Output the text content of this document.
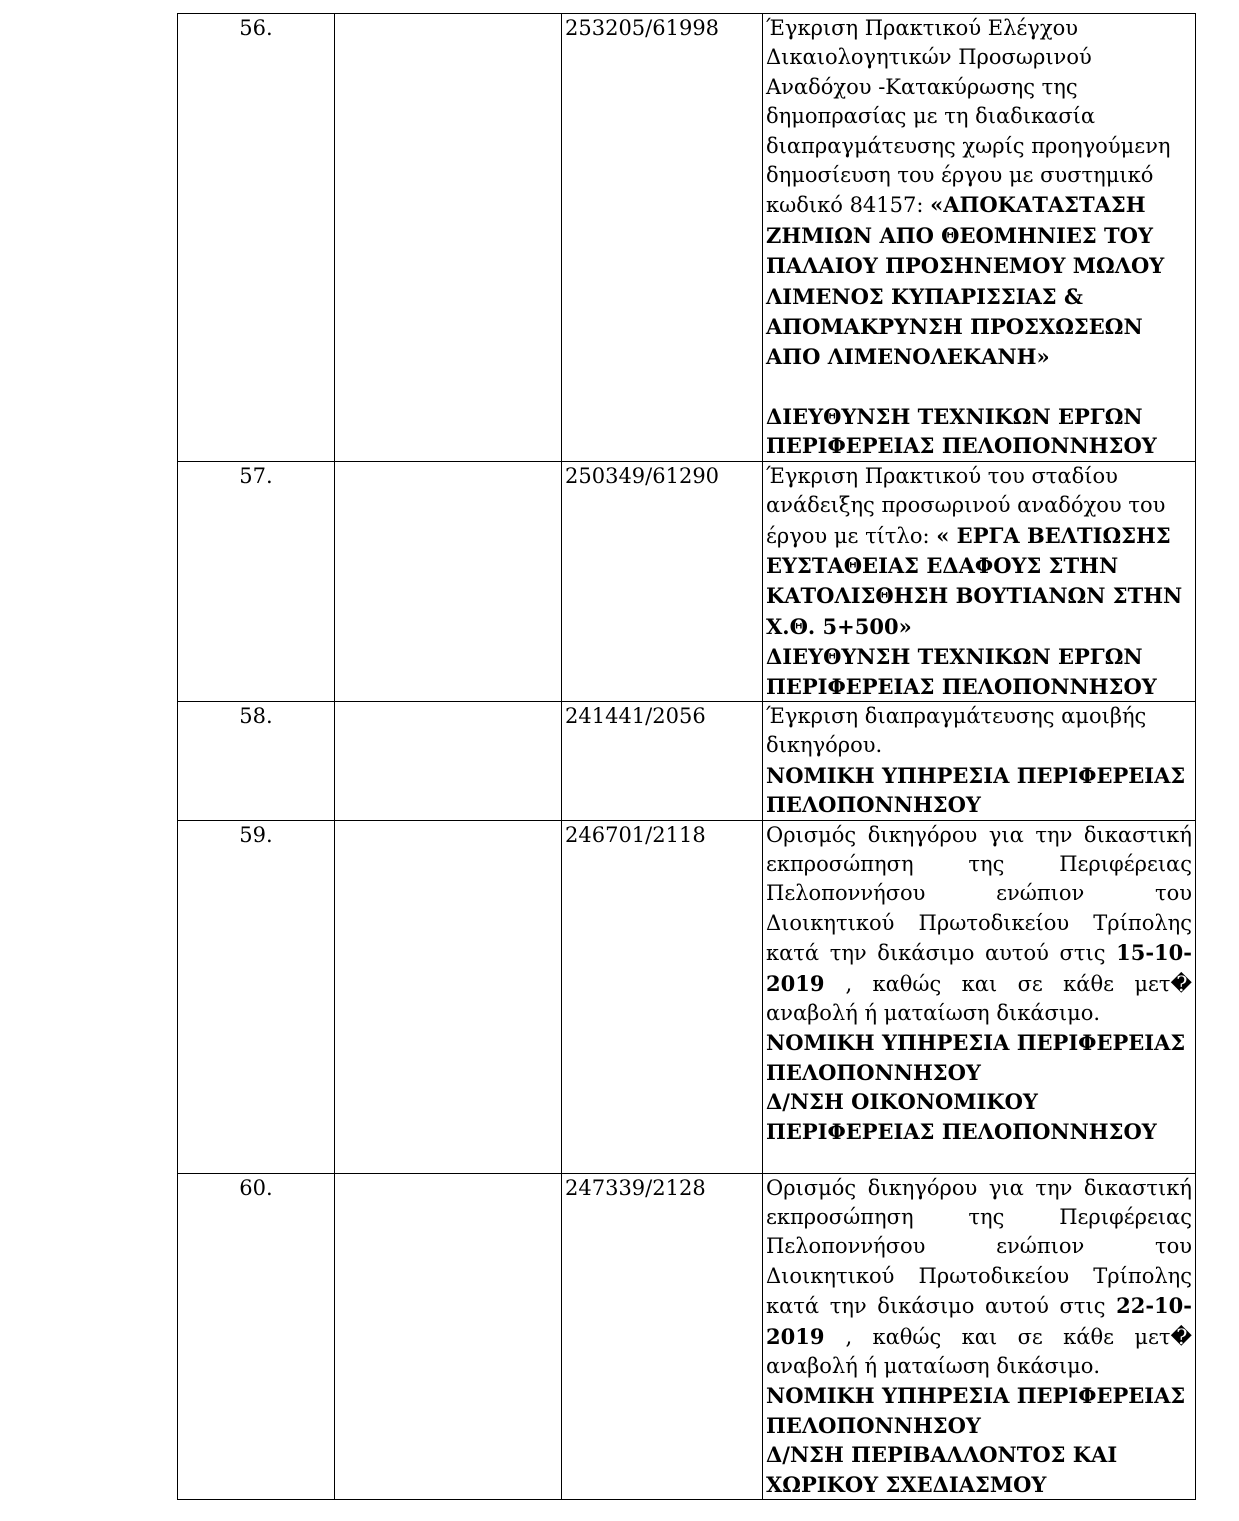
56.		253205/61998	Έγκριση Πρακτικού Ελέγχου Δικαιολογητικών Προσωρινού Αναδόχου -Κατακύρωσης της δημοπρασίας με τη διαδικασία διαπραγμάτευσης χωρίς προηγούμενη δημοσίευση του έργου με συστημικό κωδικό 84157: «ΑΠΟΚΑΤΑΣΤΑΣΗ ΖΗΜΙΩΝ ΑΠΟ ΘΕΟΜΗΝΙΕΣ ΤΟΥ ΠΑΛΑΙΟΥ ΠΡΟΣΗΝΕΜΟΥ ΜΩΛΟΥ ΛΙΜΕΝΟΣ ΚΥΠΑΡΙΣΣΙΑΣ & ΑΠΟΜΑΚΡΥΝΣΗ ΠΡΟΣΧΩΣΕΩΝ ΑΠΟ ΛΙΜΕΝΟΛΕΚΑΝΗ»
ΔΙΕΥΘΥΝΣΗ ΤΕΧΝΙΚΩΝ ΕΡΓΩΝ ΠΕΡΙΦΕΡΕΙΑΣ ΠΕΛΟΠΟΝΝΗΣΟΥ

57.		250349/61290	Έγκριση Πρακτικού του σταδίου ανάδειξης προσωρινού αναδόχου του έργου με τίτλο: « ΕΡΓΑ ΒΕΛΤΙΩΣΗΣ ΕΥΣΤΑΘΕΙΑΣ ΕΔΑΦΟΥΣ ΣΤΗΝ ΚΑΤΟΛΙΣΘΗΣΗ ΒΟΥΤΙΑΝΩΝ ΣΤΗΝ Χ.Θ. 5+500»
ΔΙΕΥΘΥΝΣΗ ΤΕΧΝΙΚΩΝ ΕΡΓΩΝ ΠΕΡΙΦΕΡΕΙΑΣ ΠΕΛΟΠΟΝΝΗΣΟΥ

58.		241441/2056	Έγκριση διαπραγμάτευσης αμοιβής δικηγόρου.
ΝΟΜΙΚΗ ΥΠΗΡΕΣΙΑ ΠΕΡΙΦΕΡΕΙΑΣ ΠΕΛΟΠΟΝΝΗΣΟΥ

59.		246701/2118	Ορισμός δικηγόρου για την δικαστική εκπροσώπηση της Περιφέρειας Πελοποννήσου ενώπιον του Διοικητικού Πρωτοδικείου Τρίπολης κατά την δικάσιμο αυτού στις 15-10-2019 , καθώς και σε κάθε μετ� αναβολή ή ματαίωση δικάσιμο.
ΝΟΜΙΚΗ ΥΠΗΡΕΣΙΑ ΠΕΡΙΦΕΡΕΙΑΣ ΠΕΛΟΠΟΝΝΗΣΟΥ
Δ/ΝΣΗ ΟΙΚΟΝΟΜΙΚΟΥ ΠΕΡΙΦΕΡΕΙΑΣ ΠΕΛΟΠΟΝΝΗΣΟΥ

60.		247339/2128	Ορισμός δικηγόρου για την δικαστική εκπροσώπηση της Περιφέρειας Πελοποννήσου ενώπιον του Διοικητικού Πρωτοδικείου Τρίπολης κατά την δικάσιμο αυτού στις 22-10-2019 , καθώς και σε κάθε μετ� αναβολή ή ματαίωση δικάσιμο.
ΝΟΜΙΚΗ ΥΠΗΡΕΣΙΑ ΠΕΡΙΦΕΡΕΙΑΣ ΠΕΛΟΠΟΝΝΗΣΟΥ
Δ/ΝΣΗ ΠΕΡΙΒΑΛΛΟΝΤΟΣ ΚΑΙ ΧΩΡΙΚΟΥ ΣΧΕΔΙΑΣΜΟΥ
